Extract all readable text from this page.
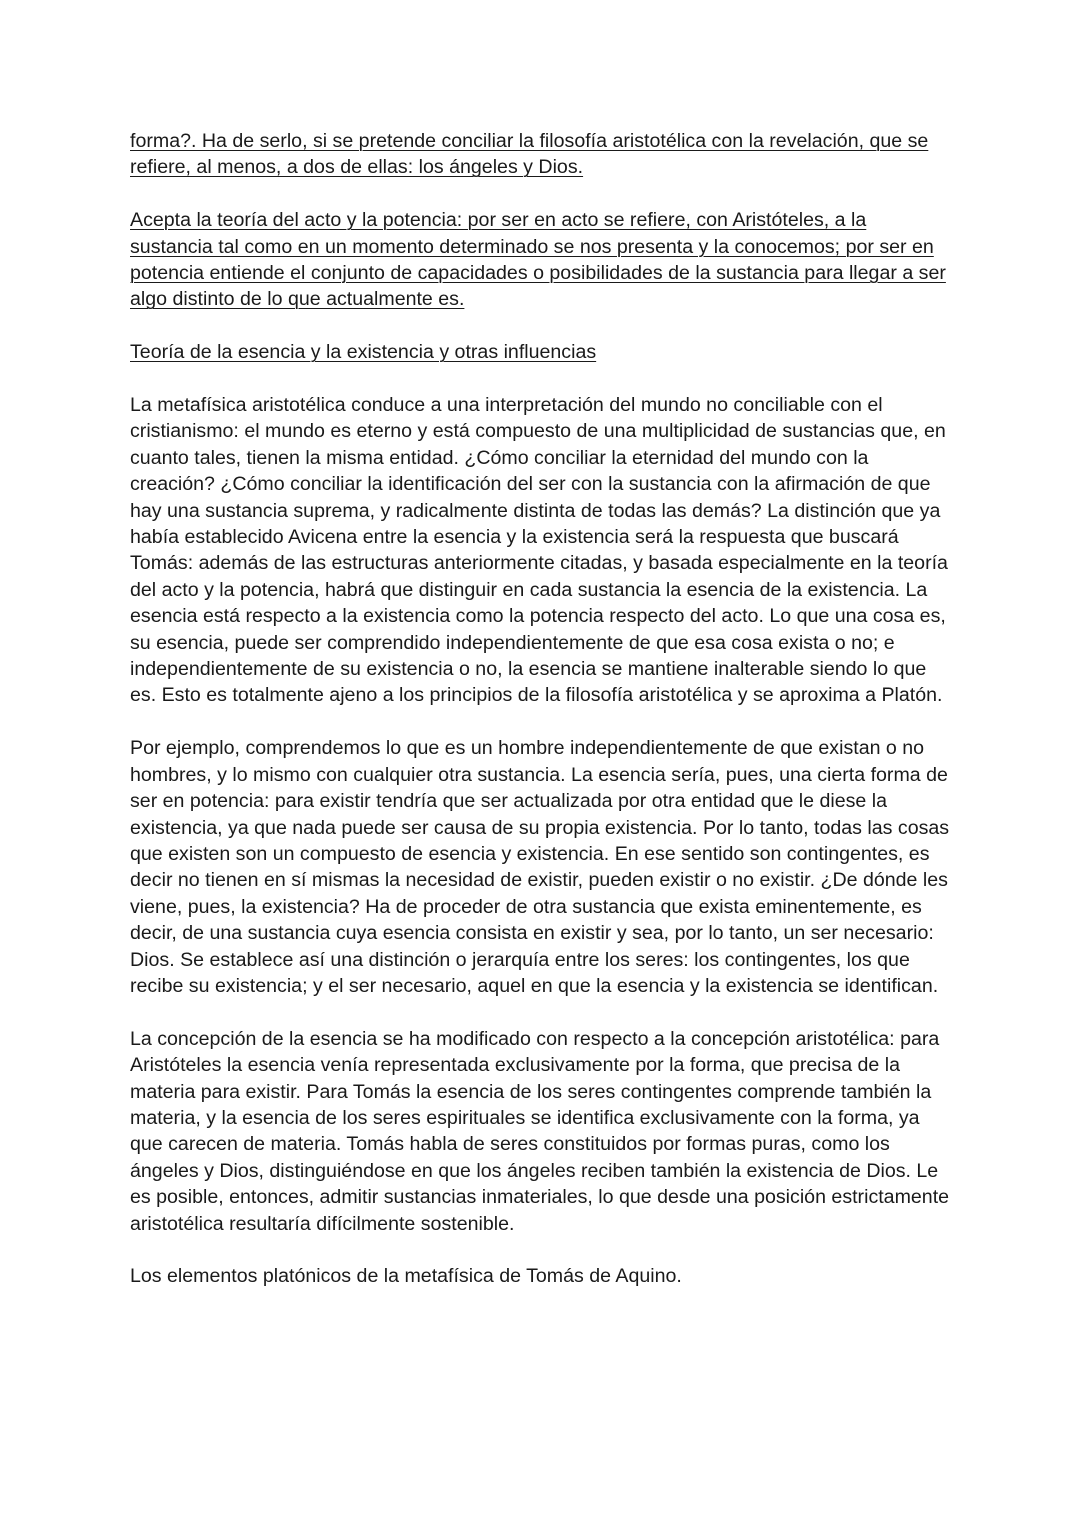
forma?. Ha de serlo, si se pretende conciliar la filosofía aristotélica con la revelación, que se refiere, al menos, a dos de ellas: los ángeles y Dios.

Acepta la teoría del acto y la potencia: por ser en acto se refiere, con Aristóteles, a la sustancia tal como en un momento determinado se nos presenta y la conocemos; por ser en potencia entiende el conjunto de capacidades o posibilidades de la sustancia para llegar a ser algo distinto de lo que actualmente es.

Teoría de la esencia y la existencia y otras influencias

La metafísica aristotélica conduce a una interpretación del mundo no conciliable con el cristianismo: el mundo es eterno y está compuesto de una multiplicidad de sustancias que, en cuanto tales, tienen la misma entidad. ¿Cómo conciliar la eternidad del mundo con la creación? ¿Cómo conciliar la identificación del ser con la sustancia con la afirmación de que hay una sustancia suprema, y radicalmente distinta de todas las demás? La distinción que ya había establecido Avicena entre la esencia y la existencia será la respuesta que buscará Tomás: además de las estructuras anteriormente citadas, y basada especialmente en la teoría del acto y la potencia, habrá que distinguir en cada sustancia la esencia de la existencia. La esencia está respecto a la existencia como la potencia respecto del acto. Lo que una cosa es, su esencia, puede ser comprendido independientemente de que esa cosa exista o no; e independientemente de su existencia o no, la esencia se mantiene inalterable siendo lo que es. Esto es totalmente ajeno a los principios de la filosofía aristotélica y se aproxima a Platón.

Por ejemplo, comprendemos lo que es un hombre independientemente de que existan o no hombres, y lo mismo con cualquier otra sustancia. La esencia sería, pues, una cierta forma de ser en potencia: para existir tendría que ser actualizada por otra entidad que le diese la existencia, ya que nada puede ser causa de su propia existencia. Por lo tanto, todas las cosas que existen son un compuesto de esencia y existencia. En ese sentido son contingentes, es decir no tienen en sí mismas la necesidad de existir, pueden existir o no existir. ¿De dónde les viene, pues, la existencia? Ha de proceder de otra sustancia que exista eminentemente, es decir, de una sustancia cuya esencia consista en existir y sea, por lo tanto, un ser necesario: Dios. Se establece así una distinción o jerarquía entre los seres: los contingentes, los que recibe su existencia; y el ser necesario, aquel en que la esencia y la existencia se identifican.

La concepción de la esencia se ha modificado con respecto a la concepción aristotélica: para Aristóteles la esencia venía representada exclusivamente por la forma, que precisa de la materia para existir. Para Tomás la esencia de los seres contingentes comprende también la materia, y la esencia de los seres espirituales se identifica exclusivamente con la forma, ya que carecen de materia. Tomás habla de seres constituidos por formas puras, como los ángeles y Dios, distinguiéndose en que los ángeles reciben también la existencia de Dios. Le es posible, entonces, admitir sustancias inmateriales, lo que desde una posición estrictamente aristotélica resultaría difícilmente sostenible.

Los elementos platónicos de la metafísica de Tomás de Aquino.
